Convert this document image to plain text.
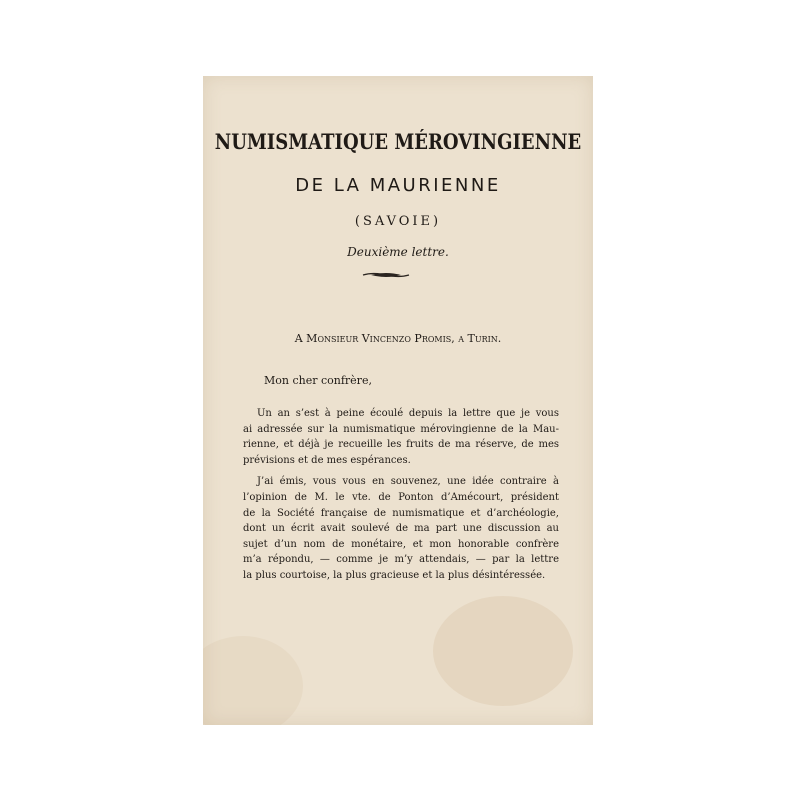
NUMISMATIQUE MÉROVINGIENNE
DE LA MAURIENNE
(SAVOIE)
Deuxième lettre.
A Monsieur Vincenzo Promis, a Turin.
Mon cher confrère,
Un an s’est à peine écoulé depuis la lettre que je vous
ai adressée sur la numismatique mérovingienne de la Mau-
rienne, et déjà je recueille les fruits de ma réserve, de mes
prévisions et de mes espérances.
J’ai émis, vous vous en souvenez, une idée contraire à
l’opinion de M. le vte. de Ponton d’Amécourt, président
de la Société française de numismatique et d’archéologie,
dont un écrit avait soulevé de ma part une discussion au
sujet d’un nom de monétaire, et mon honorable confrère
m’a répondu, — comme je m’y attendais, — par la lettre
la plus courtoise, la plus gracieuse et la plus désintéressée.
